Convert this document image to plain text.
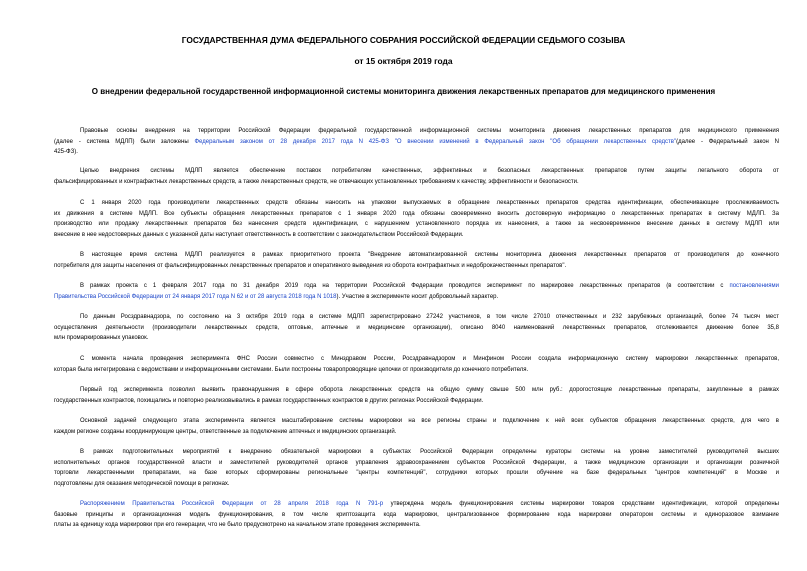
ГОСУДАРСТВЕННАЯ ДУМА ФЕДЕРАЛЬНОГО СОБРАНИЯ РОССИЙСКОЙ ФЕДЕРАЦИИ СЕДЬМОГО СОЗЫВА
от 15 октября 2019 года
О внедрении федеральной государственной информационной системы мониторинга движения лекарственных препаратов для медицинского применения
Правовые основы внедрения на территории Российской Федерации федеральной государственной информационной системы мониторинга движения лекарственных препаратов для медицинского применения
(далее - система МДЛП) были заложены Федеральным законом от 28 декабря 2017 года N 425-ФЗ "О внесении изменений в Федеральный закон "Об обращении лекарственных средств"(далее - Федеральный закон N
425-ФЗ).
Целью внедрения системы МДЛП является обеспечение поставок потребителям качественных, эффективных и безопасных лекарственных препаратов путем защиты легального оборота от
фальсифицированных и контрафактных лекарственных средств, а также лекарственных средств, не отвечающих установленных требованиям к качеству, эффективности и безопасности.
С 1 января 2020 года производители лекарственных средств обязаны наносить на упаковки выпускаемых в обращение лекарственных препаратов средства идентификации, обеспечивающие прослеживаемость
их движения в системе МДЛП. Все субъекты обращения лекарственных препаратов с 1 января 2020 года обязаны своевременно вносить достоверную информацию о лекарственных препаратах в систему МДЛП. За
производство или продажу лекарственных препаратов без нанесения средств идентификации, с нарушением установленного порядка их нанесения, а также за несвоевременное внесение данных в систему МДЛП или
внесение в нее недостоверных данных с указанной даты наступает ответственность в соответствии с законодательством Российской Федерации.
В настоящее время система МДЛП реализуется в рамках приоритетного проекта "Внедрение автоматизированной системы мониторинга движения лекарственных препаратов от производителя до конечного
потребителя для защиты населения от фальсифицированных лекарственных препаратов и оперативного выведения из оборота контрафактных и недоброкачественных препаратов".
В рамках проекта с 1 февраля 2017 года по 31 декабря 2019 года на территории Российской Федерации проводится эксперимент по маркировке лекарственных препаратов (в соответствии с постановлениями
Правительства Российской Федерации от 24 января 2017 года N 62 и от 28 августа 2018 года N 1018). Участие в эксперименте носит добровольный характер.
По данным Росздравнадзора, по состоянию на 3 октября 2019 года в системе МДЛП зарегистрировано 27242 участников, в том числе 27010 отечественных и 232 зарубежных организаций, более 74 тысяч мест
осуществления деятельности (производители лекарственных средств, оптовые, аптечные и медицинские организации), описано 8040 наименований лекарственных препаратов, отслеживается движение более 35,8
млн промаркированных упаковок.
С момента начала проведения эксперимента ФНС России совместно с Минздравом России, Росздравнадзором и Минфином России создала информационную систему маркировки лекарственных препаратов,
которая была интегрирована с ведомствами и информационными системами. Были построены товаропроводящие цепочки от производителя до конечного потребителя.
Первый год эксперимента позволил выявить правонарушения в сфере оборота лекарственных средств на общую сумму свыше 500 млн руб.: дорогостоящие лекарственные препараты, закупленные в рамках
государственных контрактов, похищались и повторно реализовывались в рамках государственных контрактов в других регионах Российской Федерации.
Основной задачей следующего этапа эксперимента является масштабирование системы маркировки на все регионы страны и подключение к ней всех субъектов обращения лекарственных средств, для чего в
каждом регионе созданы координирующие центры, ответственные за подключение аптечных и медицинских организаций.
В рамках подготовительных мероприятий к внедрению обязательной маркировки в субъектах Российской Федерации определены кураторы системы на уровне заместителей руководителей высших
исполнительных органов государственной власти и заместителей руководителей органов управления здравоохранением субъектов Российской Федерации, а также медицинские организации и организации розничной
торговли лекарственными препаратами, на базе которых сформированы региональные "центры компетенций", сотрудники которых прошли обучение на базе федеральных "центров компетенций" в Москве и
подготовлены для оказания методической помощи в регионах.
Распоряжением Правительства Российской Федерации от 28 апреля 2018 года N 791-р утверждена модель функционирования системы маркировки товаров средствами идентификации, которой определены
базовые принципы и организационная модель функционирования, в том числе криптозащита кода маркировки, централизованное формирование кода маркировки оператором системы и единоразовое взимание
платы за единицу кода маркировки при его генерации, что не было предусмотрено на начальном этапе проведения эксперимента.
